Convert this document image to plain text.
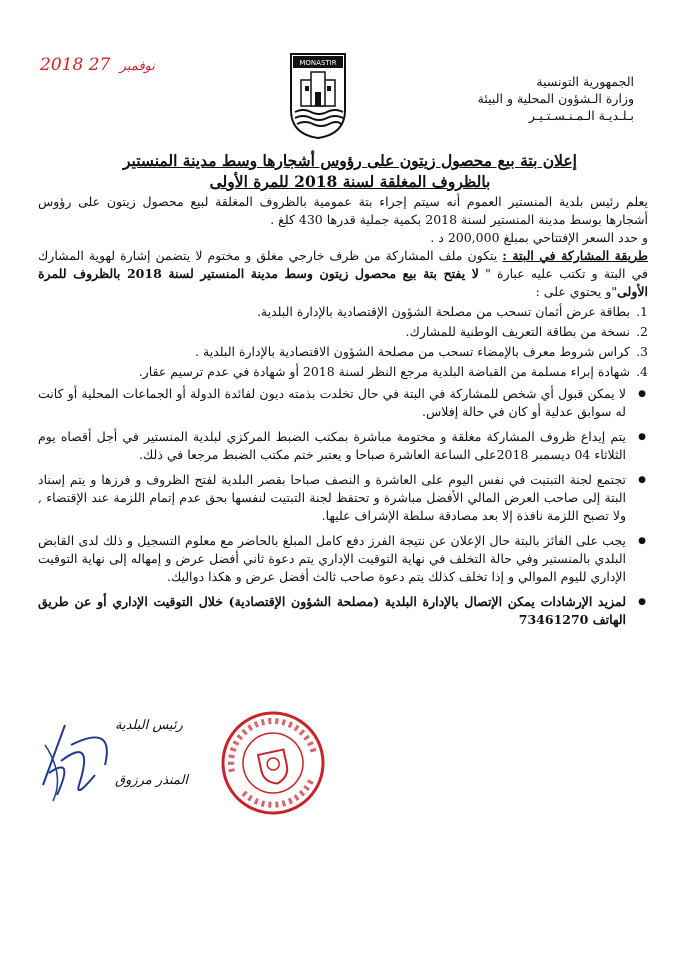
2018	نوفمبر 27
الجمهورية التونسية
وزارة الـشؤون المحلية و البيئة
بـلـديـة الـمـنـسـتـيـر
MONASTIR
إعلان بتة بيع محصول زيتون على رؤوس أشجارها وسط مدينة المنستير
بالظروف المغلقة لسنة 2018 للمرة الأولى

يعلم رئيس بلدية المنستير العموم أنه سيتم إجراء بتة عمومية بالظروف المغلقة لبيع محصول زيتون على رؤوس أشجارها بوسط مدينة المنستير لسنة 2018 بكمية جملية قدرها 430 كلغ .

و حدد السعر الإفتتاحي بمبلغ 200,000 د .

طريقة المشاركة في البتة : يتكون ملف المشاركة من ظرف خارجي مغلق و مختوم لا يتضمن إشارة لهوية المشارك في البتة و تكتب عليه عبارة " لا يفتح بتة بيع محصول زيتون وسط مدينة المنستير لسنة 2018 بالظروف للمرة الأولى"و يحتوي على :

1.
بطاقة عرض أثمان تسحب من مصلحة الشؤون الإقتصادية بالإدارة البلدية.
2.
نسخة من بطاقة التعريف الوطنية للمشارك.
3.
كراس شروط معرف بالإمضاء تسحب من مصلحة الشؤون الاقتصادية بالإدارة البلدية .
4.
شهادة إبراء مسلمة من القباضة البلدية مرجع النظر لسنة 2018 أو شهادة في عدم ترسيم عقار.
● لا يمكن قبول أي شخص للمشاركة في البتة في حال تخلدت بذمته ديون لفائدة الدولة أو الجماعات المحلية أو كانت له سوابق عدلية أو كان في حالة إفلاس.
● يتم إيداع ظروف المشاركة مغلقة و مختومة مباشرة بمكتب الضبط المركزي لبلدية المنستير في أجل أقصاه يوم الثلاثاء 04 ديسمبر 2018على الساعة العاشرة صباحا و يعتبر ختم مكتب الضبط مرجعا في ذلك.
● تجتمع لجنة التبتيت في نفس اليوم على العاشرة و النصف صباحا بقصر البلدية لفتح الظروف و فرزها و يتم إسناد البتة إلى صاحب العرض المالي الأفضل مباشرة و تحتفظ لجنة التبتيت لنفسها بحق عدم إتمام اللزمة عند الإقتضاء , ولا تصبح اللزمة نافذة إلا بعد مصادقة سلطة الإشراف عليها.
● يجب على الفائز بالبتة حال الإعلان عن نتيجة الفرز دفع كامل المبلغ بالحاضر مع معلوم التسجيل و ذلك لدى القابض البلدي بالمنستير وفي حالة التخلف في نهاية التوقيت الإداري يتم دعوة ثاني أفضل عرض و إمهاله إلى نهاية التوقيت الإداري لليوم الموالي و إذا تخلف كذلك يتم دعوة صاحب ثالث أفضل عرض و هكذا دواليك.
● لمزيد الإرشادات يمكن الإتصال بالإدارة البلدية (مصلحة الشؤون الإقتصادية) خلال التوقيت الإداري أو عن طريق الهاتف 73461270
رئيس البلدية
المنذر مرزوق
